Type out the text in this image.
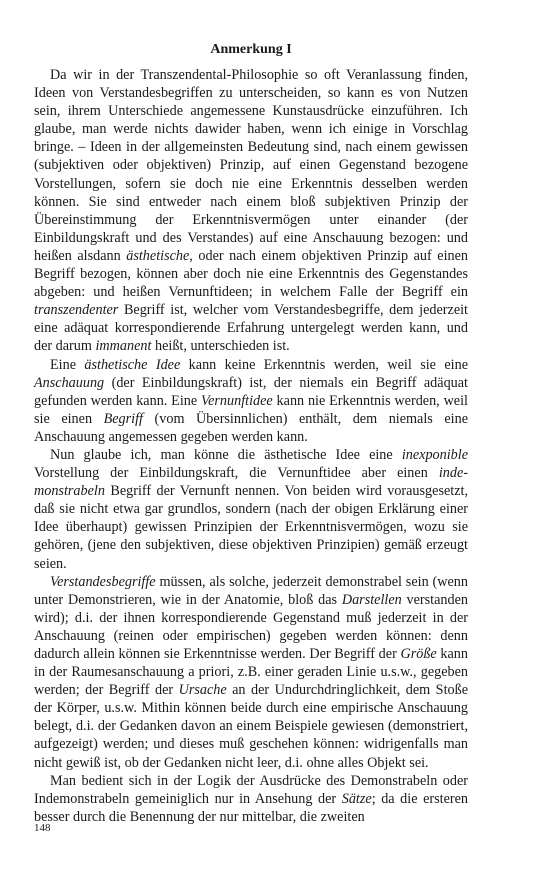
Anmerkung I

Da wir in der Transzendental-Philosophie so oft Veranlassung finden, Ideen von Verstandesbegriffen zu unterscheiden, so kann es von Nutzen sein, ihrem Unterschiede angemessene Kunstausdrücke einzuführen. Ich glaube, man werde nichts dawider haben, wenn ich einige in Vorschlag bringe. – Ideen in der allgemeinsten Bedeutung sind, nach einem gewissen (subjektiven oder objektiven) Prinzip, auf einen Gegenstand bezogene Vorstellungen, sofern sie doch nie eine Erkenntnis desselben werden können. Sie sind entweder nach einem bloß subjektiven Prinzip der Übereinstimmung der Erkenntnisvermögen unter einander (der Einbildungskraft und des Verstandes) auf eine Anschauung bezogen: und heißen alsdann ästhetische, oder nach einem objektiven Prinzip auf einen Begriff bezogen, können aber doch nie eine Erkenntnis des Gegenstandes abgeben: und heißen Vernunftideen; in welchem Falle der Begriff ein transzendenter Begriff ist, welcher vom Verstandesbegriffe, dem jederzeit eine adäquat korrespondierende Erfahrung untergelegt werden kann, und der darum immanent heißt, unterschieden ist.

Eine ästhetische Idee kann keine Erkenntnis werden, weil sie eine Anschauung (der Einbildungskraft) ist, der niemals ein Begriff adäquat gefunden werden kann. Eine Vernunftidee kann nie Erkenntnis werden, weil sie einen Begriff (vom Übersinnlichen) enthält, dem niemals eine Anschauung angemessen gegeben werden kann.

Nun glaube ich, man könne die ästhetische Idee eine inexponible Vorstellung der Einbildungskraft, die Vernunftidee aber einen indemonstrabeln Begriff der Vernunft nennen. Von beiden wird vorausgesetzt, daß sie nicht etwa gar grundlos, sondern (nach der obigen Erklärung einer Idee überhaupt) gewissen Prinzipien der Erkenntnisvermögen, wozu sie gehören, (jene den subjektiven, diese objektiven Prinzipien) gemäß erzeugt seien.

Verstandesbegriffe müssen, als solche, jederzeit demonstrabel sein (wenn unter Demonstrieren, wie in der Anatomie, bloß das Darstellen verstanden wird); d.i. der ihnen korrespondierende Gegenstand muß jederzeit in der Anschauung (reinen oder empirischen) gegeben werden können: denn dadurch allein können sie Erkenntnisse werden. Der Begriff der Größe kann in der Raumesanschauung a priori, z.B. einer geraden Linie u.s.w., gegeben werden; der Begriff der Ursache an der Undurchdringlichkeit, dem Stoße der Körper, u.s.w. Mithin können beide durch eine empirische Anschauung belegt, d.i. der Gedanken davon an einem Beispiele gewiesen (demonstriert, aufgezeigt) werden; und dieses muß geschehen können: widrigenfalls man nicht gewiß ist, ob der Gedanken nicht leer, d.i. ohne alles Objekt sei.

Man bedient sich in der Logik der Ausdrücke des Demonstrabeln oder Indemonstrabeln gemeiniglich nur in Ansehung der Sätze; da die ersteren besser durch die Benennung der nur mittelbar, die zweiten

148
